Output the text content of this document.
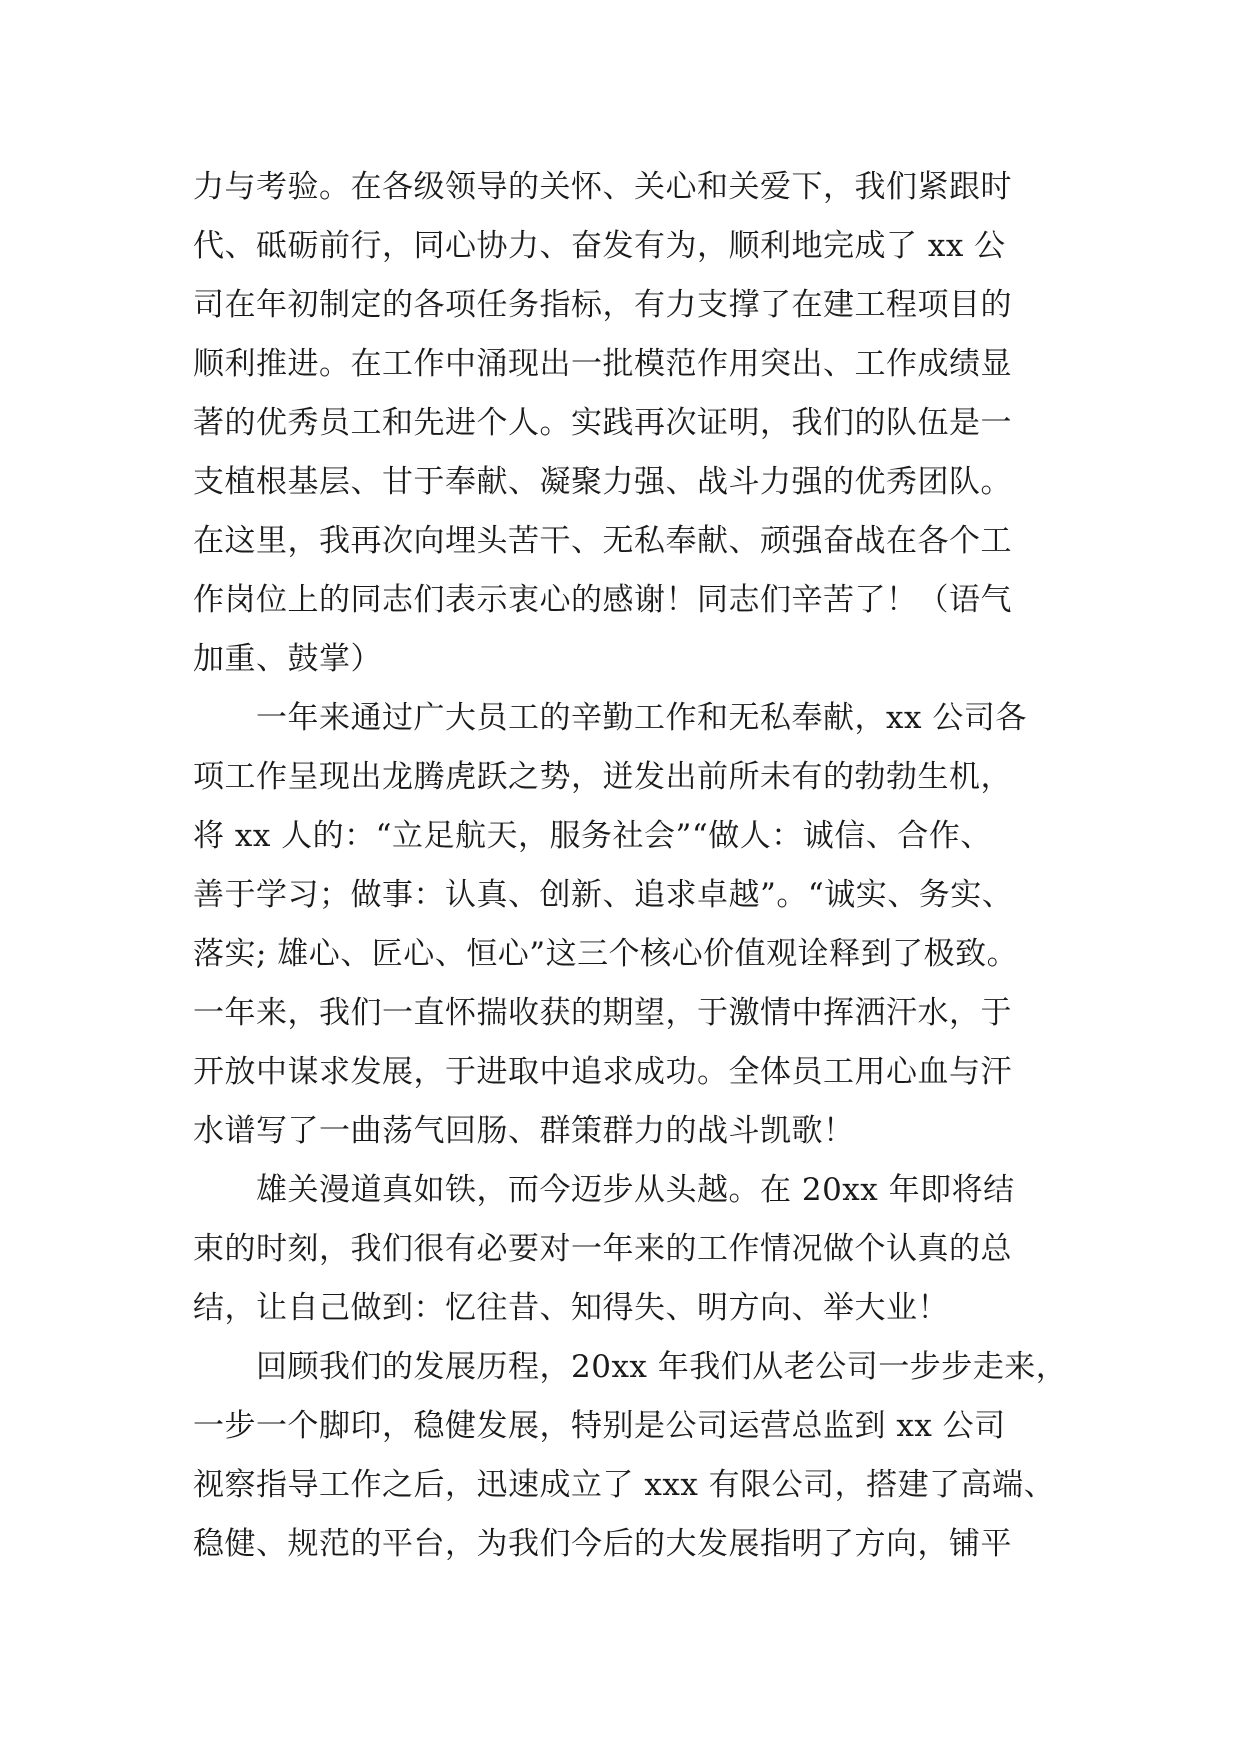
力与考验。在各级领导的关怀、关心和关爱下，我们紧跟时
代、砥砺前行，同心协力、奋发有为，顺利地完成了 xx 公
司在年初制定的各项任务指标，有力支撑了在建工程项目的
顺利推进。在工作中涌现出一批模范作用突出、工作成绩显
著的优秀员工和先进个人。实践再次证明，我们的队伍是一
支植根基层、甘于奉献、凝聚力强、战斗力强的优秀团队。
在这里，我再次向埋头苦干、无私奉献、顽强奋战在各个工
作岗位上的同志们表示衷心的感谢！同志们辛苦了！（语气
加重、鼓掌）
　　一年来通过广大员工的辛勤工作和无私奉献，xx 公司各
项工作呈现出龙腾虎跃之势，迸发出前所未有的勃勃生机，
将 xx 人的：“立足航天，服务社会”“做人：诚信、合作、
善于学习；做事：认真、创新、追求卓越”。“诚实、务实、
落实; 雄心、匠心、恒心”这三个核心价值观诠释到了极致。
一年来，我们一直怀揣收获的期望，于激情中挥洒汗水，于
开放中谋求发展，于进取中追求成功。全体员工用心血与汗
水谱写了一曲荡气回肠、群策群力的战斗凯歌！
　　雄关漫道真如铁，而今迈步从头越。在 20xx 年即将结
束的时刻，我们很有必要对一年来的工作情况做个认真的总
结，让自己做到：忆往昔、知得失、明方向、举大业！
　　回顾我们的发展历程，20xx 年我们从老公司一步步走来，
一步一个脚印，稳健发展，特别是公司运营总监到 xx 公司
视察指导工作之后，迅速成立了 xxx 有限公司，搭建了高端、
稳健、规范的平台，为我们今后的大发展指明了方向，铺平
